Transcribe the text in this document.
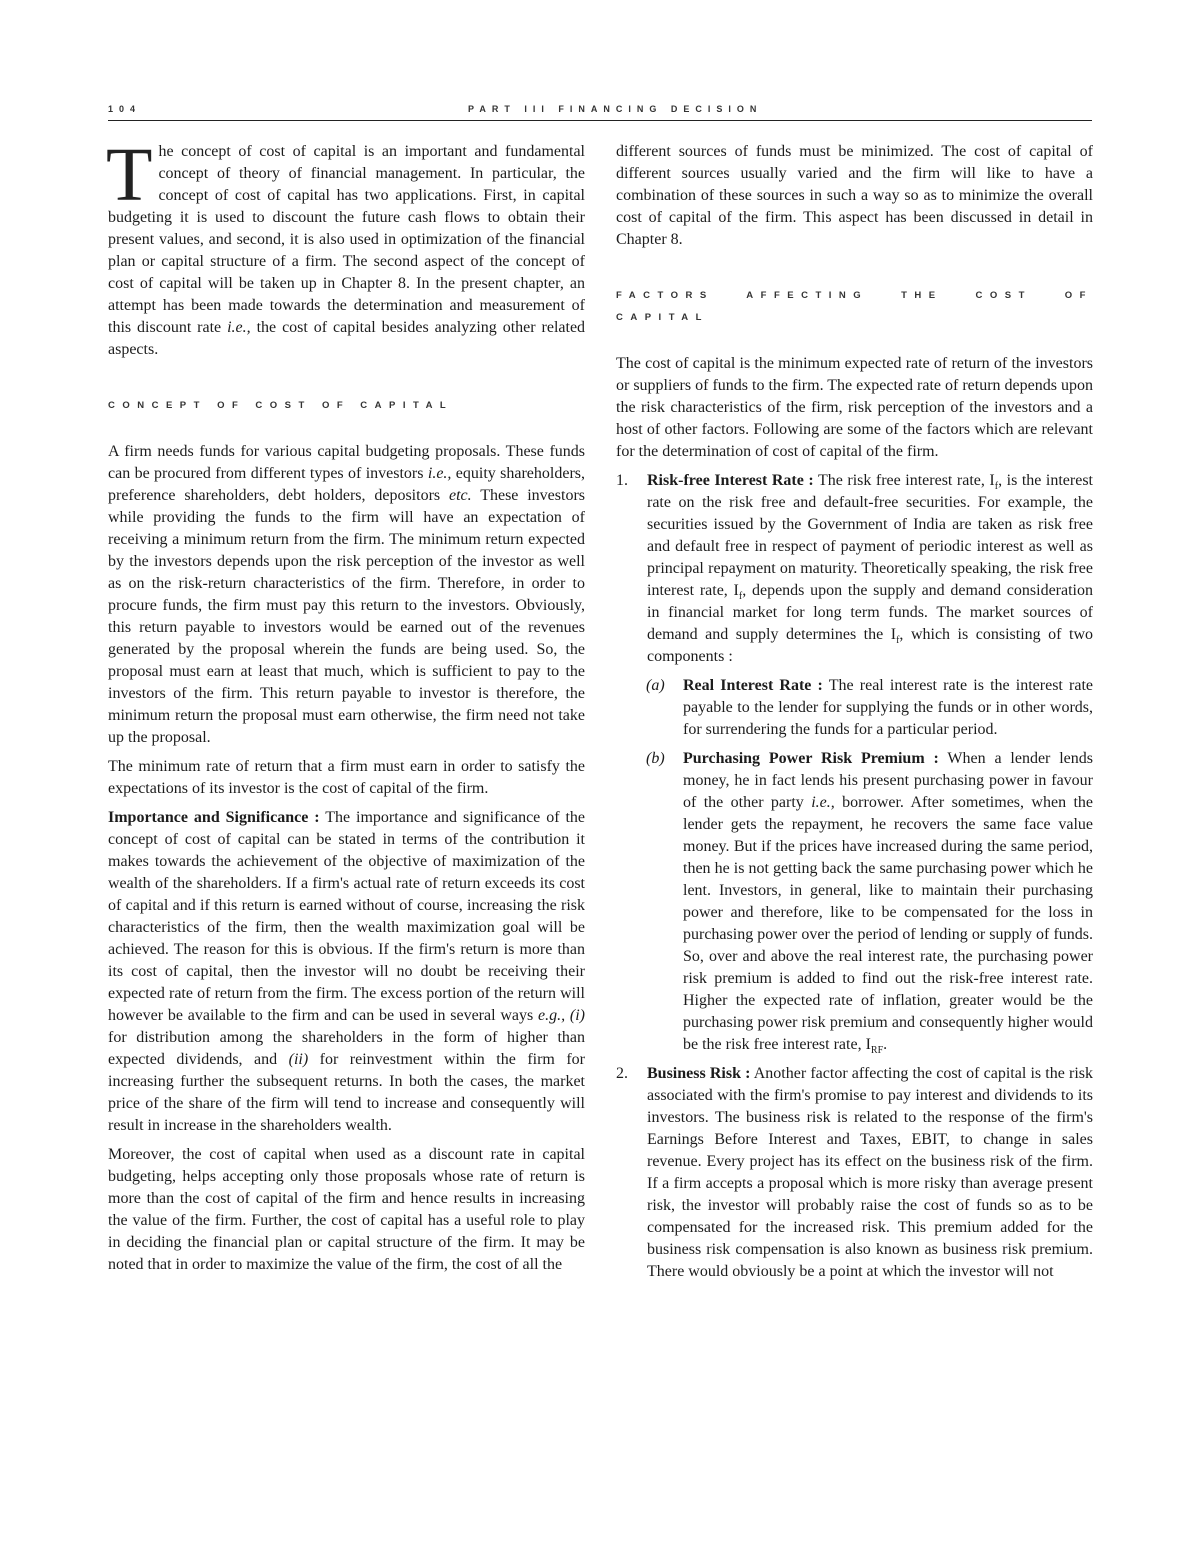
104	PART III FINANCING DECISION

The concept of cost of capital is an important and fundamental concept of theory of financial management. In particular, the concept of cost of capital has two applications. First, in capital budgeting it is used to discount the future cash flows to obtain their present values, and second, it is also used in optimization of the financial plan or capital structure of a firm. The second aspect of the concept of cost of capital will be taken up in Chapter 8. In the present chapter, an attempt has been made towards the determination and measurement of this discount rate i.e., the cost of capital besides analyzing other related aspects.

CONCEPT OF COST OF CAPITAL

A firm needs funds for various capital budgeting proposals. These funds can be procured from different types of investors i.e., equity shareholders, preference shareholders, debt holders, depositors etc. These investors while providing the funds to the firm will have an expectation of receiving a minimum return from the firm. The minimum return expected by the investors depends upon the risk perception of the investor as well as on the risk-return characteristics of the firm. Therefore, in order to procure funds, the firm must pay this return to the investors. Obviously, this return payable to investors would be earned out of the revenues generated by the proposal wherein the funds are being used. So, the proposal must earn at least that much, which is sufficient to pay to the investors of the firm. This return payable to investor is therefore, the minimum return the proposal must earn otherwise, the firm need not take up the proposal.

The minimum rate of return that a firm must earn in order to satisfy the expectations of its investor is the cost of capital of the firm.

Importance and Significance : The importance and significance of the concept of cost of capital can be stated in terms of the contribution it makes towards the achievement of the objective of maximization of the wealth of the shareholders. If a firm's actual rate of return exceeds its cost of capital and if this return is earned without of course, increasing the risk characteristics of the firm, then the wealth maximization goal will be achieved. The reason for this is obvious. If the firm's return is more than its cost of capital, then the investor will no doubt be receiving their expected rate of return from the firm. The excess portion of the return will however be available to the firm and can be used in several ways e.g., (i) for distribution among the shareholders in the form of higher than expected dividends, and (ii) for reinvestment within the firm for increasing further the subsequent returns. In both the cases, the market price of the share of the firm will tend to increase and consequently will result in increase in the shareholders wealth.

Moreover, the cost of capital when used as a discount rate in capital budgeting, helps accepting only those proposals whose rate of return is more than the cost of capital of the firm and hence results in increasing the value of the firm. Further, the cost of capital has a useful role to play in deciding the financial plan or capital structure of the firm. It may be noted that in order to maximize the value of the firm, the cost of all the

different sources of funds must be minimized. The cost of capital of different sources usually varied and the firm will like to have a combination of these sources in such a way so as to minimize the overall cost of capital of the firm. This aspect has been discussed in detail in Chapter 8.

FACTORS AFFECTING THE COST OF CAPITAL

The cost of capital is the minimum expected rate of return of the investors or suppliers of funds to the firm. The expected rate of return depends upon the risk characteristics of the firm, risk perception of the investors and a host of other factors. Following are some of the factors which are relevant for the determination of cost of capital of the firm.

1. Risk-free Interest Rate : The risk free interest rate, $I_f$, is the interest rate on the risk free and default-free securities. For example, the securities issued by the Government of India are taken as risk free and default free in respect of payment of periodic interest as well as principal repayment on maturity. Theoretically speaking, the risk free interest rate, $I_f$, depends upon the supply and demand consideration in financial market for long term funds. The market sources of demand and supply determines the $I_f$, which is consisting of two components :
(a) Real Interest Rate : The real interest rate is the interest rate payable to the lender for supplying the funds or in other words, for surrendering the funds for a particular period.
(b) Purchasing Power Risk Premium : When a lender lends money, he in fact lends his present purchasing power in favour of the other party i.e., borrower. After sometimes, when the lender gets the repayment, he recovers the same face value money. But if the prices have increased during the same period, then he is not getting back the same purchasing power which he lent. Investors, in general, like to maintain their purchasing power and therefore, like to be compensated for the loss in purchasing power over the period of lending or supply of funds. So, over and above the real interest rate, the purchasing power risk premium is added to find out the risk-free interest rate. Higher the expected rate of inflation, greater would be the purchasing power risk premium and consequently higher would be the risk free interest rate, $I_{RF}$.
2. Business Risk : Another factor affecting the cost of capital is the risk associated with the firm's promise to pay interest and dividends to its investors. The business risk is related to the response of the firm's Earnings Before Interest and Taxes, EBIT, to change in sales revenue. Every project has its effect on the business risk of the firm. If a firm accepts a proposal which is more risky than average present risk, the investor will probably raise the cost of funds so as to be compensated for the increased risk. This premium added for the business risk compensation is also known as business risk premium. There would obviously be a point at which the investor will not
